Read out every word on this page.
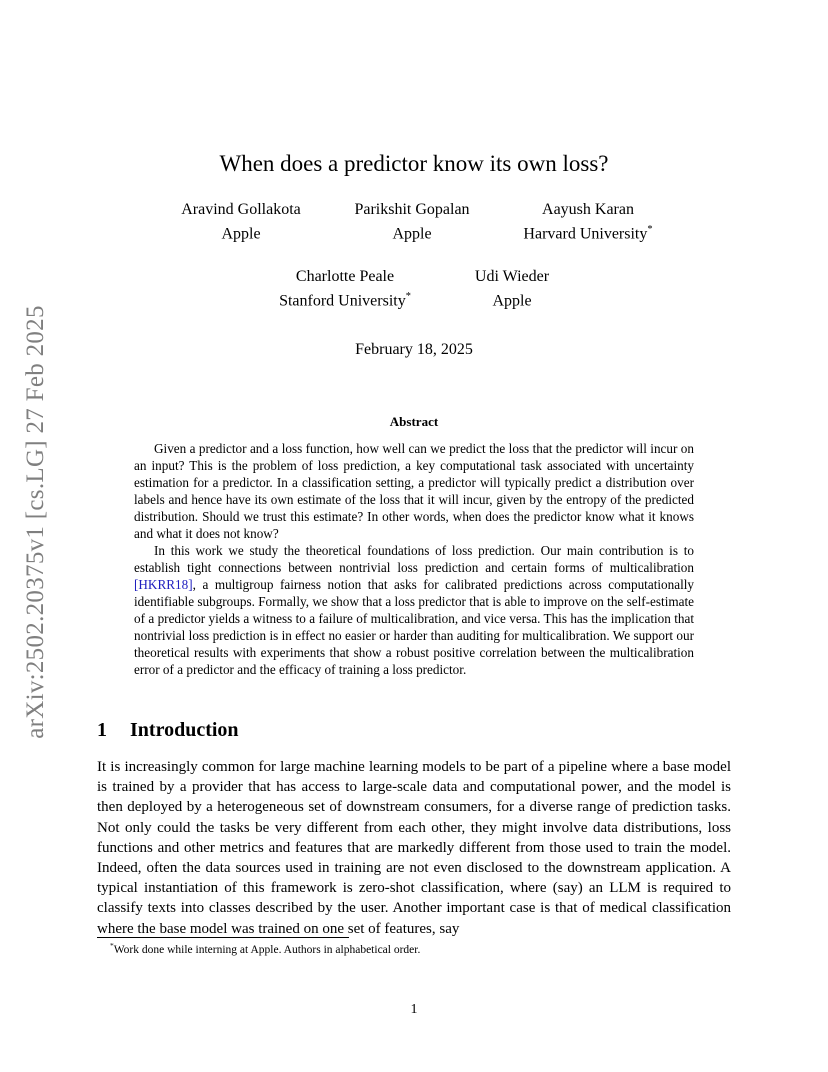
arXiv:2502.20375v1 [cs.LG] 27 Feb 2025
When does a predictor know its own loss?
Aravind Gollakota
Apple
Parikshit Gopalan
Apple
Aayush Karan
Harvard University*
Charlotte Peale
Stanford University*
Udi Wieder
Apple
February 18, 2025
Abstract

Given a predictor and a loss function, how well can we predict the loss that the predictor will incur on an input? This is the problem of loss prediction, a key computational task associated with uncertainty estimation for a predictor. In a classification setting, a predictor will typically predict a distribution over labels and hence have its own estimate of the loss that it will incur, given by the entropy of the predicted distribution. Should we trust this estimate? In other words, when does the predictor know what it knows and what it does not know?

In this work we study the theoretical foundations of loss prediction. Our main contribution is to establish tight connections between nontrivial loss prediction and certain forms of multicalibration [HKRR18], a multigroup fairness notion that asks for calibrated predictions across computationally identifiable subgroups. Formally, we show that a loss predictor that is able to improve on the self-estimate of a predictor yields a witness to a failure of multicalibration, and vice versa. This has the implication that nontrivial loss prediction is in effect no easier or harder than auditing for multicalibration. We support our theoretical results with experiments that show a robust positive correlation between the multicalibration error of a predictor and the efficacy of training a loss predictor.

1 Introduction

It is increasingly common for large machine learning models to be part of a pipeline where a base model is trained by a provider that has access to large-scale data and computational power, and the model is then deployed by a heterogeneous set of downstream consumers, for a diverse range of prediction tasks. Not only could the tasks be very different from each other, they might involve data distributions, loss functions and other metrics and features that are markedly different from those used to train the model. Indeed, often the data sources used in training are not even disclosed to the downstream application. A typical instantiation of this framework is zero-shot classification, where (say) an LLM is required to classify texts into classes described by the user. Another important case is that of medical classification where the base model was trained on one set of features, say

*Work done while interning at Apple. Authors in alphabetical order.
1
